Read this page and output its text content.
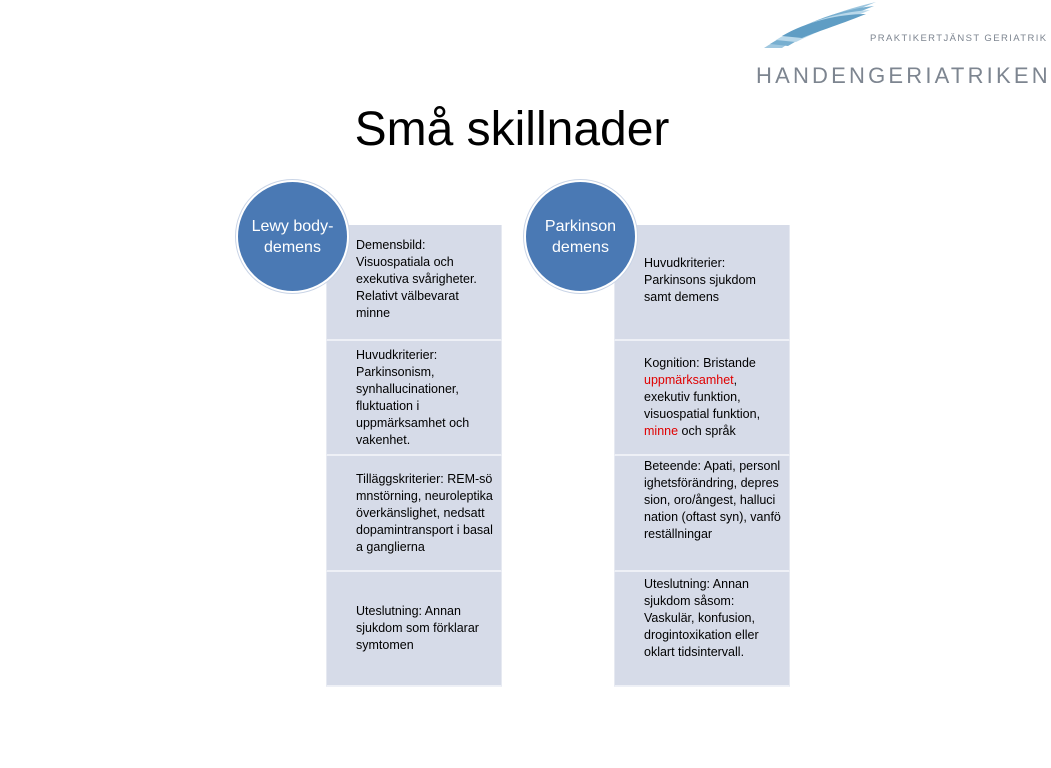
PRAKTIKERTJÄNST GERIATRIK
HANDENGERIATRIKEN
Små skillnader
Demensbild: Visuospatiala och exekutiva svårigheter. Relativt välbevarat minne
Huvudkriterier: Parkinsonism, synhallucinationer, fluktuation i uppmärksamhet och vakenhet.
Tilläggskriterier: REM-sömnstörning, neuroleptikaöverkänslighet, nedsatt dopamintransport i basala ganglierna
Uteslutning: Annan sjukdom som förklarar symtomen
Lewy body-demens
Huvudkriterier: Parkinsons sjukdom samt demens
Kognition: Bristande uppmärksamhet, exekutiv funktion, visuospatial funktion, minne och språk
Beteende: Apati, personlighetsförändring, depression, oro/ångest, hallucination (oftast syn), vanföreställningar
Uteslutning: Annan sjukdom såsom: Vaskulär, konfusion, drogintoxikation eller oklart tidsintervall.
Parkinson demens
